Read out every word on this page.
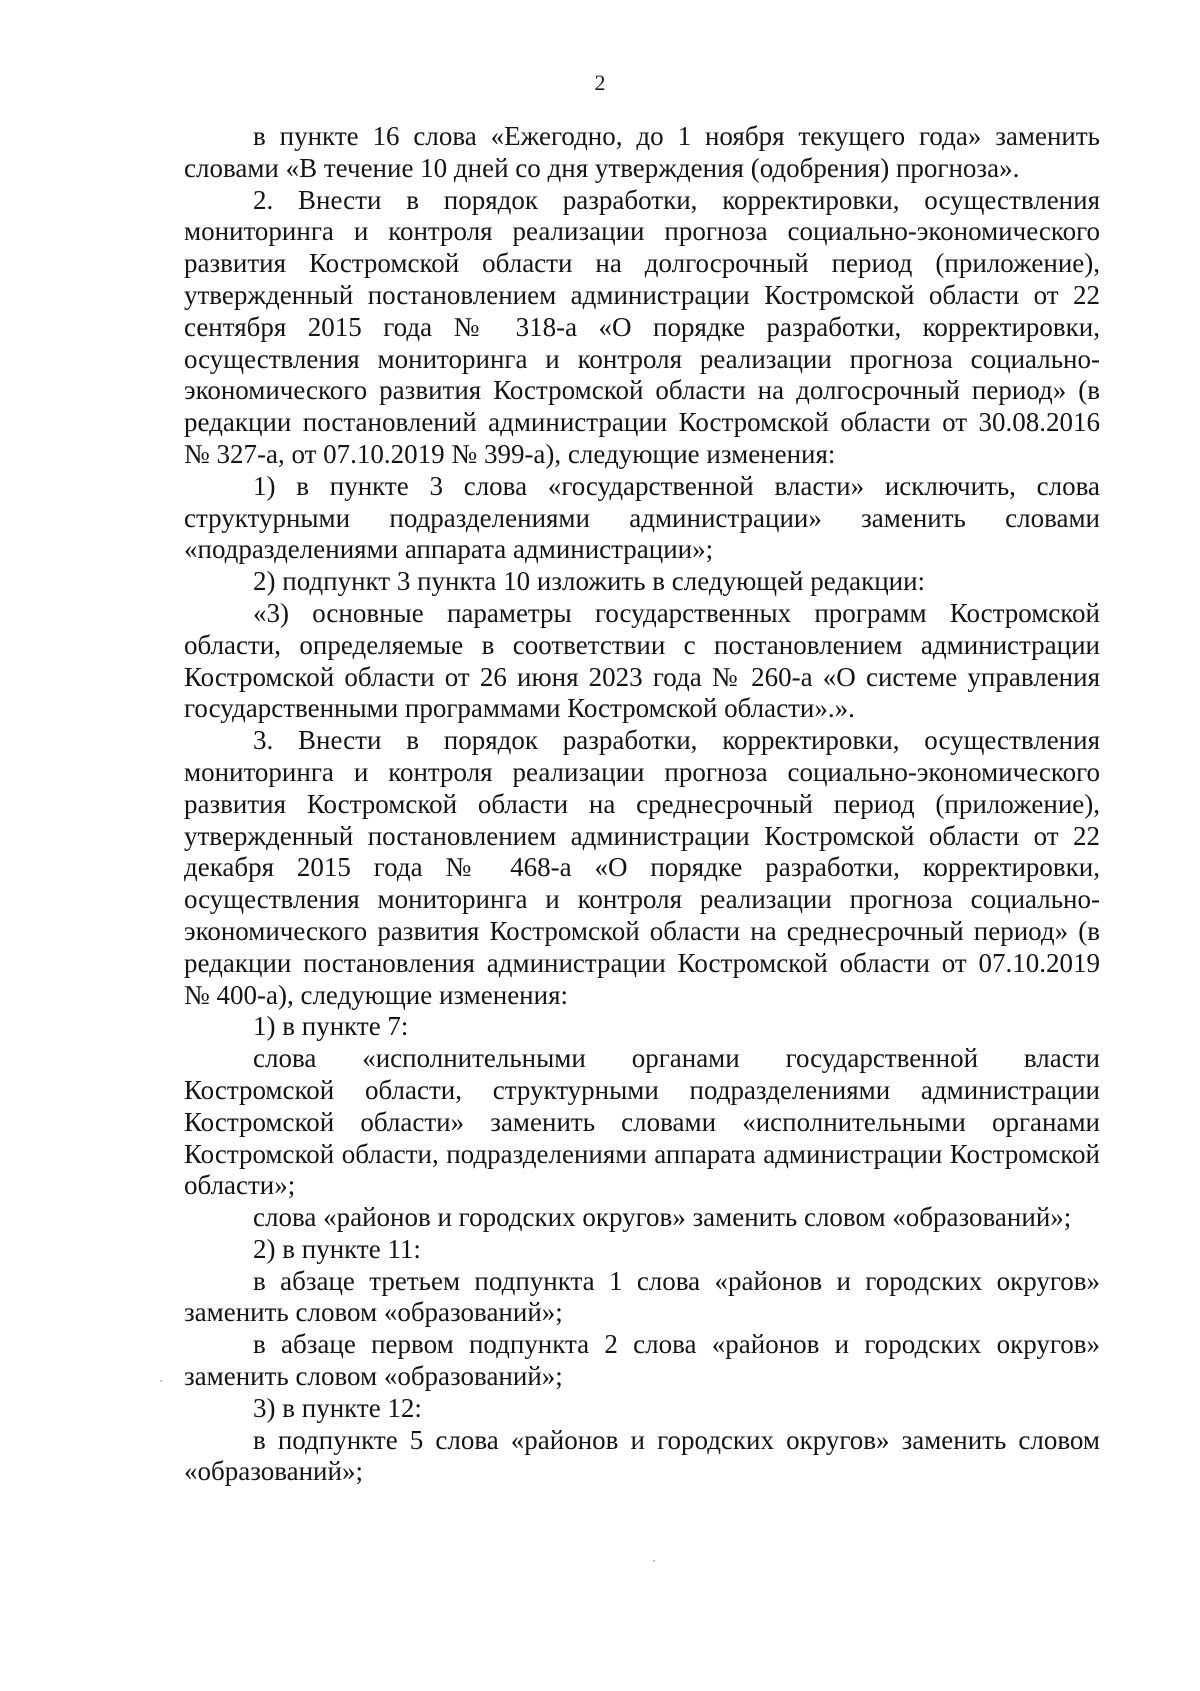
2

в пункте 16 слова «Ежегодно, до 1 ноября текущего года» заменить словами «В течение 10 дней со дня утверждения (одобрения) прогноза».

2. Внести в порядок разработки, корректировки, осуществления мониторинга и контроля реализации прогноза социально-экономического развития Костромской области на долгосрочный период (приложение), утвержденный постановлением администрации Костромской области от 22 сентября 2015 года № 318-а «О порядке разработки, корректировки, осуществления мониторинга и контроля реализации прогноза социально-экономического развития Костромской области на долгосрочный период» (в редакции постановлений администрации Костромской области от 30.08.2016 № 327-а, от 07.10.2019 № 399-а), следующие изменения:

1) в пункте 3 слова «государственной власти» исключить, слова структурными подразделениями администрации» заменить словами «подразделениями аппарата администрации»;

2) подпункт 3 пункта 10 изложить в следующей редакции:

«3) основные параметры государственных программ Костромской области, определяемые в соответствии с постановлением администрации Костромской области от 26 июня 2023 года № 260-а «О системе управления государственными программами Костромской области».».

3. Внести в порядок разработки, корректировки, осуществления мониторинга и контроля реализации прогноза социально-экономического развития Костромской области на среднесрочный период (приложение), утвержденный постановлением администрации Костромской области от 22 декабря 2015 года № 468-а «О порядке разработки, корректировки, осуществления мониторинга и контроля реализации прогноза социально-экономического развития Костромской области на среднесрочный период» (в редакции постановления администрации Костромской области от 07.10.2019 № 400-а), следующие изменения:

1) в пункте 7:

слова «исполнительными органами государственной власти Костромской области, структурными подразделениями администрации Костромской области» заменить словами «исполнительными органами Костромской области, подразделениями аппарата администрации Костромской области»;

слова «районов и городских округов» заменить словом «образований»;

2) в пункте 11:

в абзаце третьем подпункта 1 слова «районов и городских округов» заменить словом «образований»;

в абзаце первом подпункта 2 слова «районов и городских округов» заменить словом «образований»;

3) в пункте 12:

в подпункте 5 слова «районов и городских округов» заменить словом «образований»;
